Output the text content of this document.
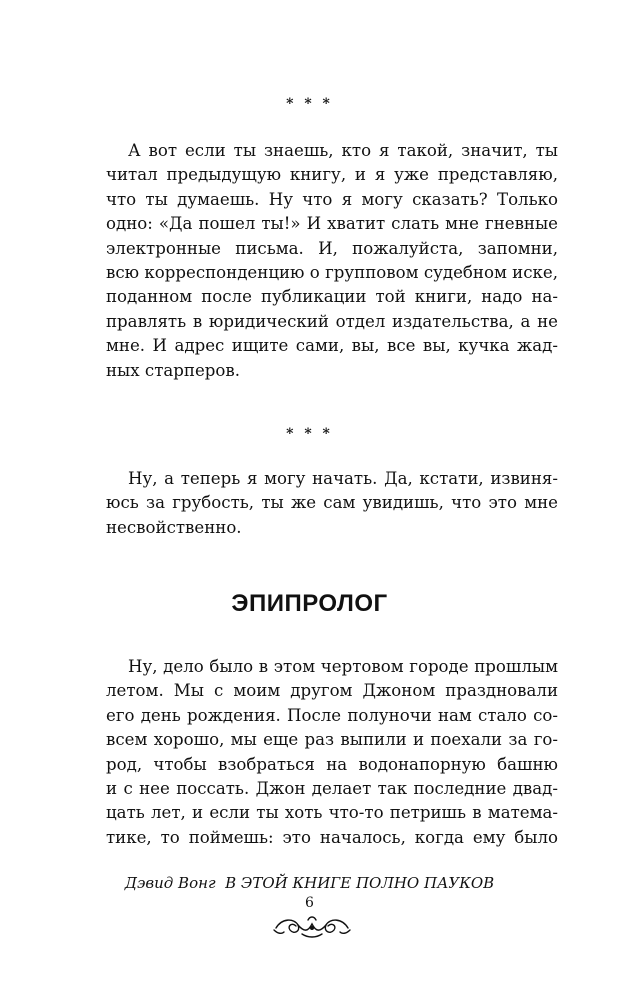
* * *

А вот если ты знаешь, кто я такой, значит, ты
читал предыдущую книгу, и я уже представляю,
что ты думаешь. Ну что я могу сказать? Только
одно: «Да пошел ты!» И хватит слать мне гневные
электронные письма. И, пожалуйста, запомни,
всю корреспонденцию о групповом судебном иске,
поданном после публикации той книги, надо на-
правлять в юридический отдел издательства, а не
мне. И адрес ищите сами, вы, все вы, кучка жад-
ных старперов.

* * *

Ну, а теперь я могу начать. Да, кстати, извиня-
юсь за грубость, ты же сам увидишь, что это мне
несвойственно.
ЭПИПРОЛОГ
Ну, дело было в этом чертовом городе прошлым
летом. Мы с моим другом Джоном праздновали
его день рождения. После полуночи нам стало со-
всем хорошо, мы еще раз выпили и поехали за го-
род, чтобы взобраться на водонапорную башню
и с нее поссать. Джон делает так последние двад-
цать лет, и если ты хоть что-то петришь в матема-
тике, то поймешь: это началось, когда ему было
Дэвид Вонг  В ЭТОЙ КНИГЕ ПОЛНО ПАУКОВ
6
